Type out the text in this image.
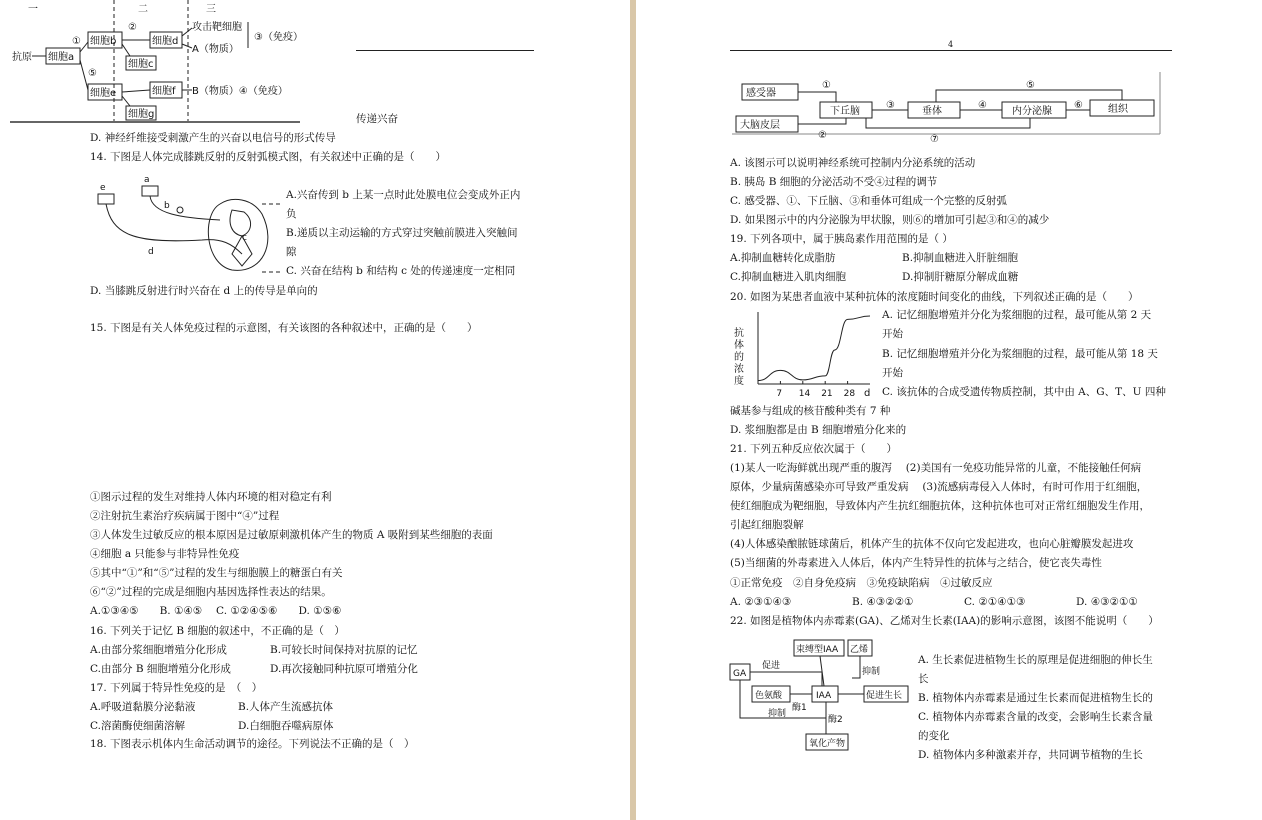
一	二	三
抗原 细胞a
细胞b
细胞c
细胞d
细胞e
细胞g
细胞f
攻击靶细胞
A（物质）
③（免疫）
B（物质）④（免疫）
①
②
⑤
传递兴奋
D. 神经纤维接受刺激产生的兴奋以电信号的形式传导
14. 下图是人体完成膝跳反射的反射弧模式图，有关叙述中正确的是（　　）
e
a
b
c
d
A.兴奋传到 b 上某一点时此处膜电位会变成外正内
负
B.递质以主动运输的方式穿过突触前膜进入突触间
隙
C. 兴奋在结构 b 和结构 c 处的传递速度一定相同
D. 当膝跳反射进行时兴奋在 d 上的传导是单向的
15. 下图是有关人体免疫过程的示意图，有关该图的各种叙述中，正确的是（　　）
①图示过程的发生对维持人体内环境的相对稳定有利
②注射抗生素治疗疾病属于图中“④”过程
③人体发生过敏反应的根本原因是过敏原刺激机体产生的物质 A 吸附到某些细胞的表面
④细胞 a 只能参与非特异性免疫
⑤其中“①”和“⑤”过程的发生与细胞膜上的糖蛋白有关
⑥“②”过程的完成是细胞内基因选择性表达的结果。
A.①③④⑤　　B. ①④⑤　 C. ①②④⑤⑥　　D. ①⑤⑥
16. 下列关于记忆 B 细胞的叙述中，不正确的是（　）
A.由部分浆细胞增殖分化形成	B.可较长时间保持对抗原的记忆
C.由部分 B 细胞增殖分化形成	D.再次接触同种抗原可增殖分化
17. 下列属于特异性免疫的是　（　）
A.呼吸道黏膜分泌黏液	B.人体产生流感抗体
C.溶菌酶使细菌溶解	D.白细胞吞噬病原体
18. 下图表示机体内生命活动调节的途径。下列说法不正确的是（　）
4
感受器
大脑皮层
下丘脑	垂体	内分泌腺	组织
①
②
③	④
⑤
⑥
⑦
A. 该图示可以说明神经系统可控制内分泌系统的活动
B. 胰岛 B 细胞的分泌活动不受④过程的调节
C. 感受器、①、下丘脑、③和垂体可组成一个完整的反射弧
D. 如果图示中的内分泌腺为甲状腺，则⑥的增加可引起③和④的减少
19. 下列各项中，属于胰岛素作用范围的是（ ）
A.抑制血糖转化成脂肪	B.抑制血糖进入肝脏细胞
C.抑制血糖进入肌肉细胞	D.抑制肝糖原分解成血糖
20. 如图为某患者血液中某种抗体的浓度随时间变化的曲线，下列叙述正确的是（　　）
抗
体
的
浓
度
d
7 14 21 28
A. 记忆细胞增殖并分化为浆细胞的过程，最可能从第 2 天
开始
B. 记忆细胞增殖并分化为浆细胞的过程，最可能从第 18 天
开始
C. 该抗体的合成受遗传物质控制，其中由 A、G、T、U 四种
碱基参与组成的核苷酸种类有 7 种
D. 浆细胞都是由 B 细胞增殖分化来的
21. 下列五种反应依次属于（　　）
(1)某人一吃海鲜就出现严重的腹泻　 (2)美国有一免疫功能异常的儿童，不能接触任何病
原体，少量病菌感染亦可导致严重发病　 (3)流感病毒侵入人体时，有时可作用于红细胞，
使红细胞成为靶细胞，导致体内产生抗红细胞抗体，这种抗体也可对正常红细胞发生作用，
引起红细胞裂解
(4)人体感染酿脓链球菌后，机体产生的抗体不仅向它发起进攻，也向心脏瓣膜发起进攻
(5)当细菌的外毒素进入人体后，体内产生特异性的抗体与之结合，使它丧失毒性
①正常免疫　②自身免疫病　③免疫缺陷病　④过敏反应
A. ②③①④③	B. ④③②②①	C. ②①④①③	D. ④③②①①
22. 如图是植物体内赤霉素(GA)、乙烯对生长素(IAA)的影响示意图，该图不能说明（　　）
GA
束缚型IAA 乙烯
色氨酸	IAA	促进生长
氧化产物
促进
抑制
抑制
酶1
酶2
A. 生长素促进植物生长的原理是促进细胞的伸长生
长
B. 植物体内赤霉素是通过生长素而促进植物生长的
C. 植物体内赤霉素含量的改变，会影响生长素含量
的变化
D. 植物体内多种激素并存，共同调节植物的生长
